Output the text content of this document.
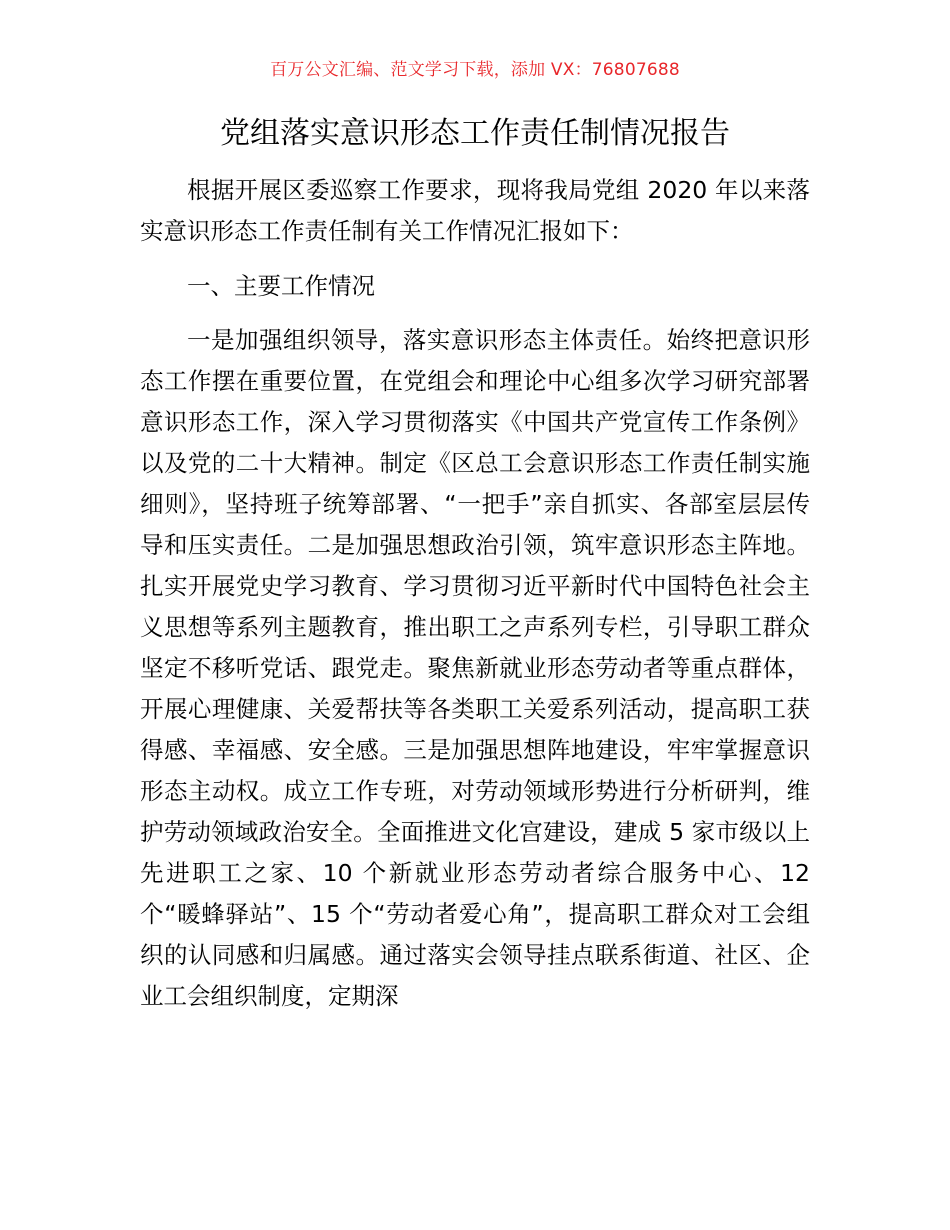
百万公文汇编、范文学习下载，添加 VX：76807688
党组落实意识形态工作责任制情况报告

根据开展区委巡察工作要求，现将我局党组 2020 年以来落实意识形态工作责任制有关工作情况汇报如下：

一、主要工作情况

一是加强组织领导，落实意识形态主体责任。始终把意识形态工作摆在重要位置，在党组会和理论中心组多次学习研究部署意识形态工作，深入学习贯彻落实《中国共产党宣传工作条例》以及党的二十大精神。制定《区总工会意识形态工作责任制实施细则》，坚持班子统筹部署、“一把手”亲自抓实、各部室层层传导和压实责任。二是加强思想政治引领，筑牢意识形态主阵地。扎实开展党史学习教育、学习贯彻习近平新时代中国特色社会主义思想等系列主题教育，推出职工之声系列专栏，引导职工群众坚定不移听党话、跟党走。聚焦新就业形态劳动者等重点群体，开展心理健康、关爱帮扶等各类职工关爱系列活动，提高职工获得感、幸福感、安全感。三是加强思想阵地建设，牢牢掌握意识形态主动权。成立工作专班，对劳动领域形势进行分析研判，维护劳动领域政治安全。全面推进文化宫建设，建成 5 家市级以上先进职工之家、10 个新就业形态劳动者综合服务中心、12 个“暖蜂驿站”、15 个“劳动者爱心角”，提高职工群众对工会组织的认同感和归属感。通过落实会领导挂点联系街道、社区、企业工会组织制度，定期深
